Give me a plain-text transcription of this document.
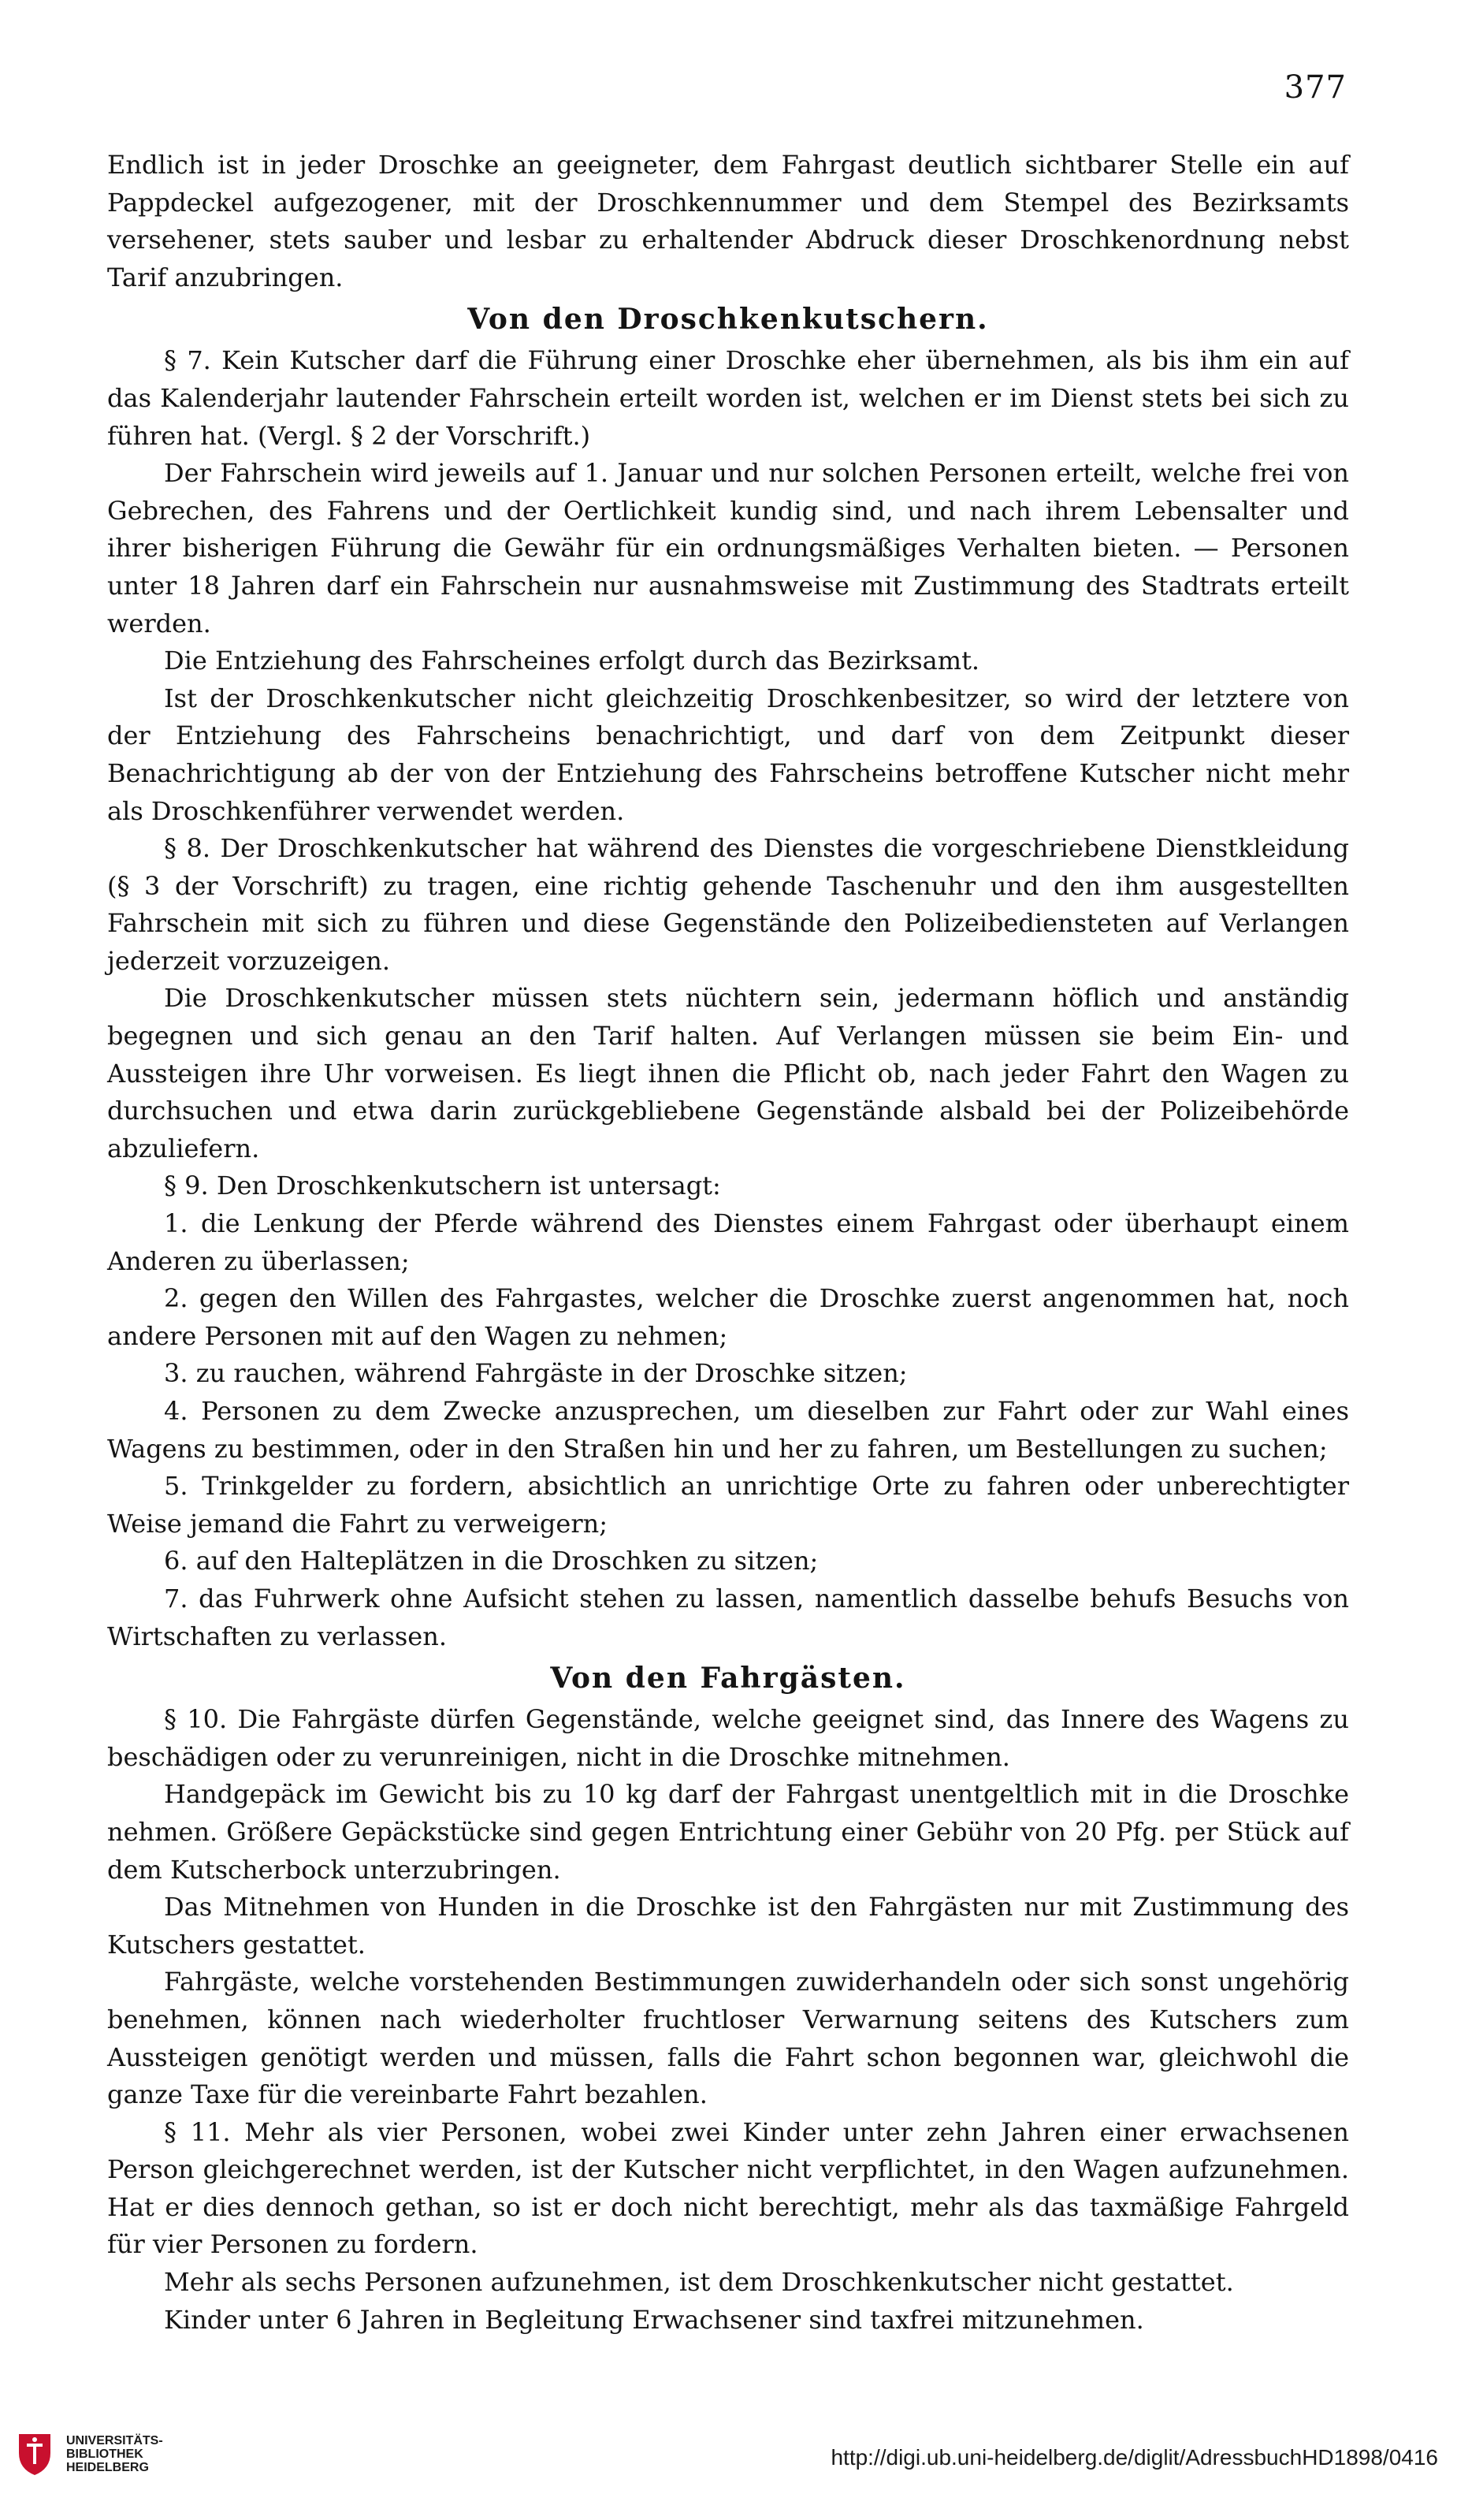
377

Endlich ist in jeder Droschke an geeigneter, dem Fahrgast deutlich sichtbarer Stelle ein auf Pappdeckel aufgezogener, mit der Droschkennummer und dem Stempel des Bezirksamts versehener, stets sauber und lesbar zu erhaltender Abdruck dieser Droschkenordnung nebst Tarif anzubringen.

Von den Droschkenkutschern.

§ 7. Kein Kutscher darf die Führung einer Droschke eher übernehmen, als bis ihm ein auf das Kalenderjahr lautender Fahrschein erteilt worden ist, welchen er im Dienst stets bei sich zu führen hat. (Vergl. § 2 der Vorschrift.)

Der Fahrschein wird jeweils auf 1. Januar und nur solchen Personen erteilt, welche frei von Gebrechen, des Fahrens und der Oertlichkeit kundig sind, und nach ihrem Lebensalter und ihrer bisherigen Führung die Gewähr für ein ordnungsmäßiges Verhalten bieten. — Personen unter 18 Jahren darf ein Fahrschein nur ausnahmsweise mit Zustimmung des Stadtrats erteilt werden.

Die Entziehung des Fahrscheines erfolgt durch das Bezirksamt.

Ist der Droschkenkutscher nicht gleichzeitig Droschkenbesitzer, so wird der letztere von der Entziehung des Fahrscheins benachrichtigt, und darf von dem Zeitpunkt dieser Benachrichtigung ab der von der Entziehung des Fahrscheins betroffene Kutscher nicht mehr als Droschkenführer verwendet werden.

§ 8. Der Droschkenkutscher hat während des Dienstes die vorgeschriebene Dienstkleidung (§ 3 der Vorschrift) zu tragen, eine richtig gehende Taschenuhr und den ihm ausgestellten Fahrschein mit sich zu führen und diese Gegenstände den Polizeibediensteten auf Verlangen jederzeit vorzuzeigen.

Die Droschkenkutscher müssen stets nüchtern sein, jedermann höflich und anständig begegnen und sich genau an den Tarif halten. Auf Verlangen müssen sie beim Ein- und Aussteigen ihre Uhr vorweisen. Es liegt ihnen die Pflicht ob, nach jeder Fahrt den Wagen zu durchsuchen und etwa darin zurückgebliebene Gegenstände alsbald bei der Polizeibehörde abzuliefern.

§ 9. Den Droschkenkutschern ist untersagt:

1. die Lenkung der Pferde während des Dienstes einem Fahrgast oder überhaupt einem Anderen zu überlassen;

2. gegen den Willen des Fahrgastes, welcher die Droschke zuerst angenommen hat, noch andere Personen mit auf den Wagen zu nehmen;

3. zu rauchen, während Fahrgäste in der Droschke sitzen;

4. Personen zu dem Zwecke anzusprechen, um dieselben zur Fahrt oder zur Wahl eines Wagens zu bestimmen, oder in den Straßen hin und her zu fahren, um Bestellungen zu suchen;

5. Trinkgelder zu fordern, absichtlich an unrichtige Orte zu fahren oder unberechtigter Weise jemand die Fahrt zu verweigern;

6. auf den Halteplätzen in die Droschken zu sitzen;

7. das Fuhrwerk ohne Aufsicht stehen zu lassen, namentlich dasselbe behufs Besuchs von Wirtschaften zu verlassen.

Von den Fahrgästen.

§ 10. Die Fahrgäste dürfen Gegenstände, welche geeignet sind, das Innere des Wagens zu beschädigen oder zu verunreinigen, nicht in die Droschke mitnehmen.

Handgepäck im Gewicht bis zu 10 kg darf der Fahrgast unentgeltlich mit in die Droschke nehmen. Größere Gepäckstücke sind gegen Entrichtung einer Gebühr von 20 Pfg. per Stück auf dem Kutscherbock unterzubringen.

Das Mitnehmen von Hunden in die Droschke ist den Fahrgästen nur mit Zustimmung des Kutschers gestattet.

Fahrgäste, welche vorstehenden Bestimmungen zuwiderhandeln oder sich sonst ungehörig benehmen, können nach wiederholter fruchtloser Verwarnung seitens des Kutschers zum Aussteigen genötigt werden und müssen, falls die Fahrt schon begonnen war, gleichwohl die ganze Taxe für die vereinbarte Fahrt bezahlen.

§ 11. Mehr als vier Personen, wobei zwei Kinder unter zehn Jahren einer erwachsenen Person gleichgerechnet werden, ist der Kutscher nicht verpflichtet, in den Wagen aufzunehmen. Hat er dies dennoch gethan, so ist er doch nicht berechtigt, mehr als das taxmäßige Fahrgeld für vier Personen zu fordern.

Mehr als sechs Personen aufzunehmen, ist dem Droschkenkutscher nicht gestattet.

Kinder unter 6 Jahren in Begleitung Erwachsener sind taxfrei mitzunehmen.

UNIVERSITÄTS-
BIBLIOTHEK
HEIDELBERG	http://digi.ub.uni-heidelberg.de/diglit/AdressbuchHD1898/0416
